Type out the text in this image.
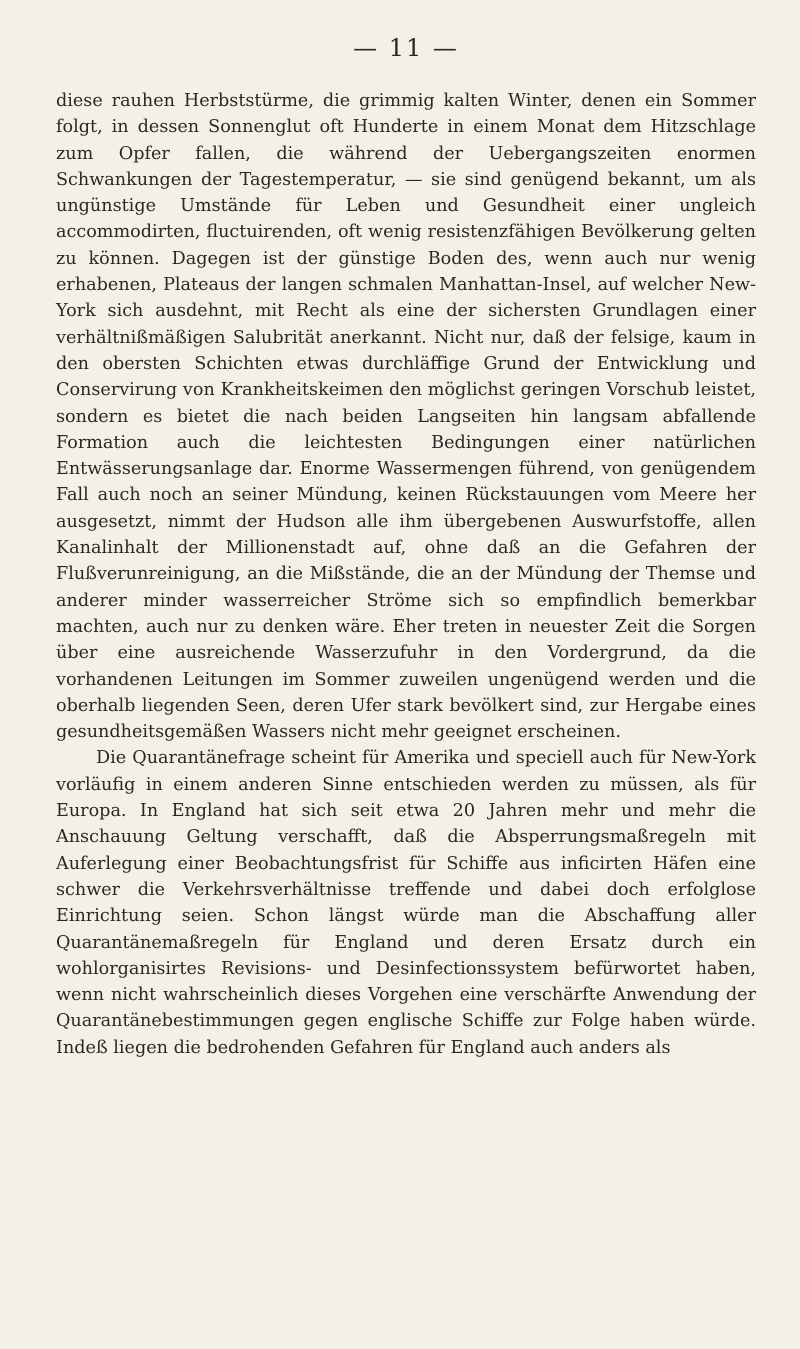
— 11 —

diese rauhen Herbststürme, die grimmig kalten Winter, denen ein Sommer folgt, in dessen Sonnenglut oft Hunderte in einem Monat dem Hitzschlage zum Opfer fallen, die während der Uebergangszeiten enormen Schwankungen der Tagestemperatur, — sie sind genügend bekannt, um als ungünstige Umstände für Leben und Gesundheit einer ungleich accommodirten, fluctuirenden, oft wenig resistenzfähigen Bevölkerung gelten zu können. Dagegen ist der günstige Boden des, wenn auch nur wenig erhabenen, Plateaus der langen schmalen Manhattan-Insel, auf welcher New-York sich ausdehnt, mit Recht als eine der sichersten Grundlagen einer verhältnißmäßigen Salubrität anerkannt. Nicht nur, daß der felsige, kaum in den obersten Schichten etwas durchläffige Grund der Entwicklung und Conservirung von Krankheitskeimen den möglichst geringen Vorschub leistet, sondern es bietet die nach beiden Langseiten hin langsam abfallende Formation auch die leichtesten Bedingungen einer natürlichen Entwässerungsanlage dar. Enorme Wassermengen führend, von genügendem Fall auch noch an seiner Mündung, keinen Rückstauungen vom Meere her ausgesetzt, nimmt der Hudson alle ihm übergebenen Auswurfstoffe, allen Kanalinhalt der Millionenstadt auf, ohne daß an die Gefahren der Flußverunreinigung, an die Mißstände, die an der Mündung der Themse und anderer minder wasserreicher Ströme sich so empfindlich bemerkbar machten, auch nur zu denken wäre. Eher treten in neuester Zeit die Sorgen über eine ausreichende Wasserzufuhr in den Vordergrund, da die vorhandenen Leitungen im Sommer zuweilen ungenügend werden und die oberhalb liegenden Seen, deren Ufer stark bevölkert sind, zur Hergabe eines gesundheitsgemäßen Wassers nicht mehr geeignet erscheinen.

Die Quarantänefrage scheint für Amerika und speciell auch für New-York vorläufig in einem anderen Sinne entschieden werden zu müssen, als für Europa. In England hat sich seit etwa 20 Jahren mehr und mehr die Anschauung Geltung verschafft, daß die Absperrungsmaßregeln mit Auferlegung einer Beobachtungsfrist für Schiffe aus inficirten Häfen eine schwer die Verkehrsverhältnisse treffende und dabei doch erfolglose Einrichtung seien. Schon längst würde man die Abschaffung aller Quarantänemaßregeln für England und deren Ersatz durch ein wohlorganisirtes Revisions- und Desinfectionssystem befürwortet haben, wenn nicht wahrscheinlich dieses Vorgehen eine verschärfte Anwendung der Quarantänebestimmungen gegen englische Schiffe zur Folge haben würde. Indeß liegen die bedrohenden Gefahren für England auch anders als
